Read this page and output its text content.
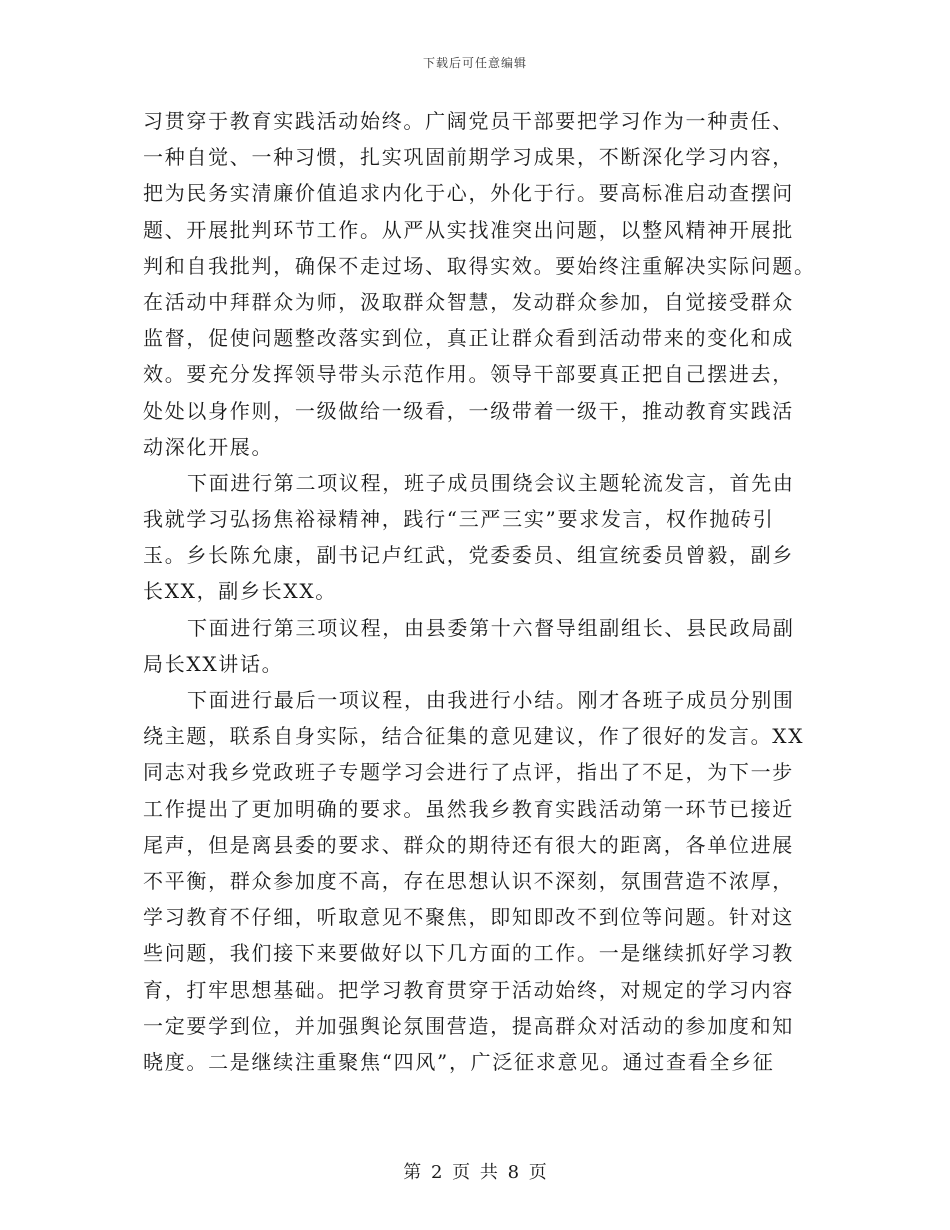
下载后可任意编辑
习贯穿于教育实践活动始终。广阔党员干部要把学习作为一种责任、
一种自觉、一种习惯，扎实巩固前期学习成果，不断深化学习内容，
把为民务实清廉价值追求内化于心，外化于行。要高标准启动查摆问
题、开展批判环节工作。从严从实找准突出问题，以整风精神开展批
判和自我批判，确保不走过场、取得实效。要始终注重解决实际问题。
在活动中拜群众为师，汲取群众智慧，发动群众参加，自觉接受群众
监督，促使问题整改落实到位，真正让群众看到活动带来的变化和成
效。要充分发挥领导带头示范作用。领导干部要真正把自己摆进去，
处处以身作则，一级做给一级看，一级带着一级干，推动教育实践活
动深化开展。
下面进行第二项议程，班子成员围绕会议主题轮流发言，首先由
我就学习弘扬焦裕禄精神，践行“三严三实”要求发言，权作抛砖引
玉。乡长陈允康，副书记卢红武，党委委员、组宣统委员曾毅，副乡
长XX，副乡长XX。
下面进行第三项议程，由县委第十六督导组副组长、县民政局副
局长XX讲话。
下面进行最后一项议程，由我进行小结。刚才各班子成员分别围
绕主题，联系自身实际，结合征集的意见建议，作了很好的发言。XX
同志对我乡党政班子专题学习会进行了点评，指出了不足，为下一步
工作提出了更加明确的要求。虽然我乡教育实践活动第一环节已接近
尾声，但是离县委的要求、群众的期待还有很大的距离，各单位进展
不平衡，群众参加度不高，存在思想认识不深刻，氛围营造不浓厚，
学习教育不仔细，听取意见不聚焦，即知即改不到位等问题。针对这
些问题，我们接下来要做好以下几方面的工作。一是继续抓好学习教
育，打牢思想基础。把学习教育贯穿于活动始终，对规定的学习内容
一定要学到位，并加强舆论氛围营造，提高群众对活动的参加度和知
晓度。二是继续注重聚焦“四风”，广泛征求意见。通过查看全乡征
第 2 页 共 8 页
